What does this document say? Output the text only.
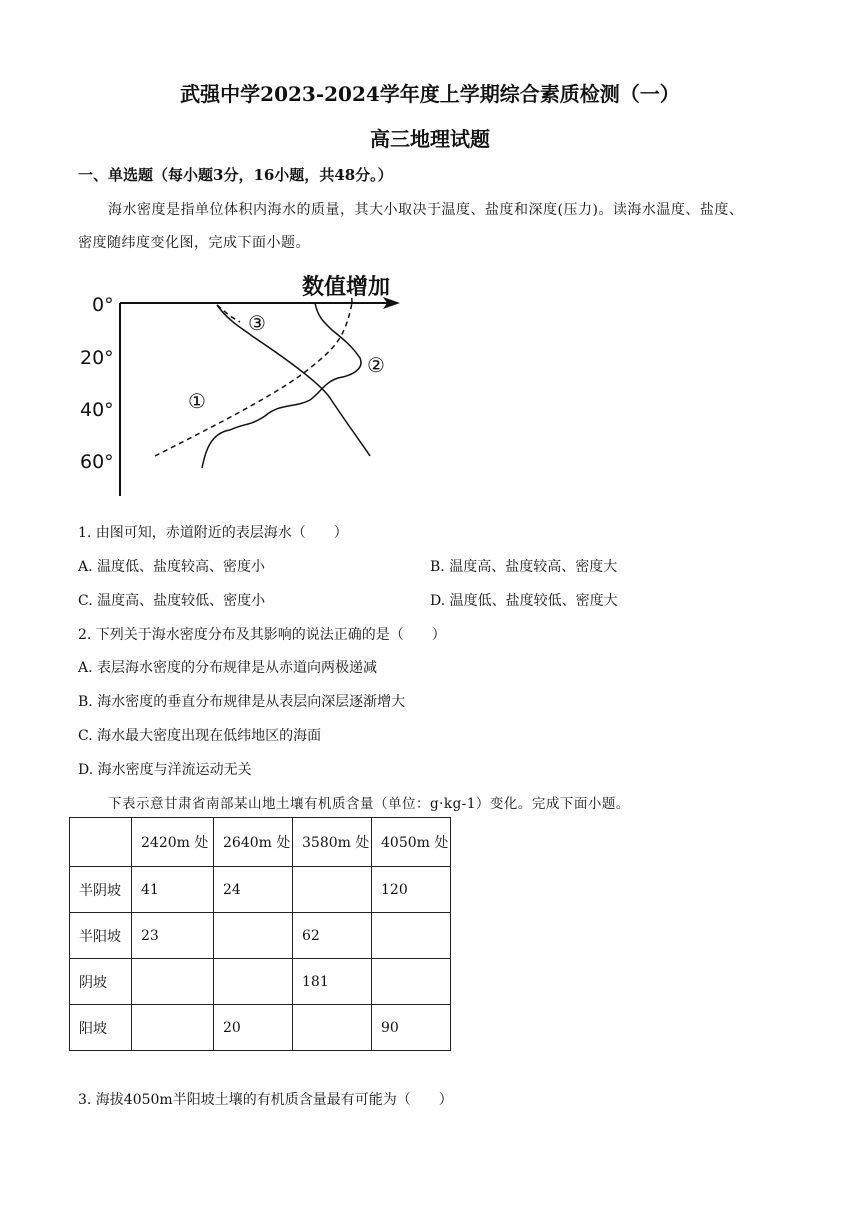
武强中学2023-2024学年度上学期综合素质检测（一）
高三地理试题
一、单选题（每小题3分，16小题，共48分。）
海水密度是指单位体积内海水的质量，其大小取决于温度、盐度和深度(压力)。读海水温度、盐度、
密度随纬度变化图，完成下面小题。
数值增加
0°
20°
40°
60°
①
②
③
1. 由图可知，赤道附近的表层海水（　　）
A. 温度低、盐度较高、密度小	B. 温度高、盐度较高、密度大
C. 温度高、盐度较低、密度小	D. 温度低、盐度较低、密度大
2. 下列关于海水密度分布及其影响的说法正确的是（　　）
A. 表层海水密度的分布规律是从赤道向两极递减
B. 海水密度的垂直分布规律是从表层向深层逐渐增大
C. 海水最大密度出现在低纬地区的海面
D. 海水密度与洋流运动无关
下表示意甘肃省南部某山地土壤有机质含量（单位：g·kg-1）变化。完成下面小题。
	2420m 处	2640m 处	3580m 处	4050m 处
半阴坡	41	24		120
半阳坡	23		62	
阴坡			181	
阳坡		20		90
3. 海拔4050m半阳坡土壤的有机质含量最有可能为（　　）
